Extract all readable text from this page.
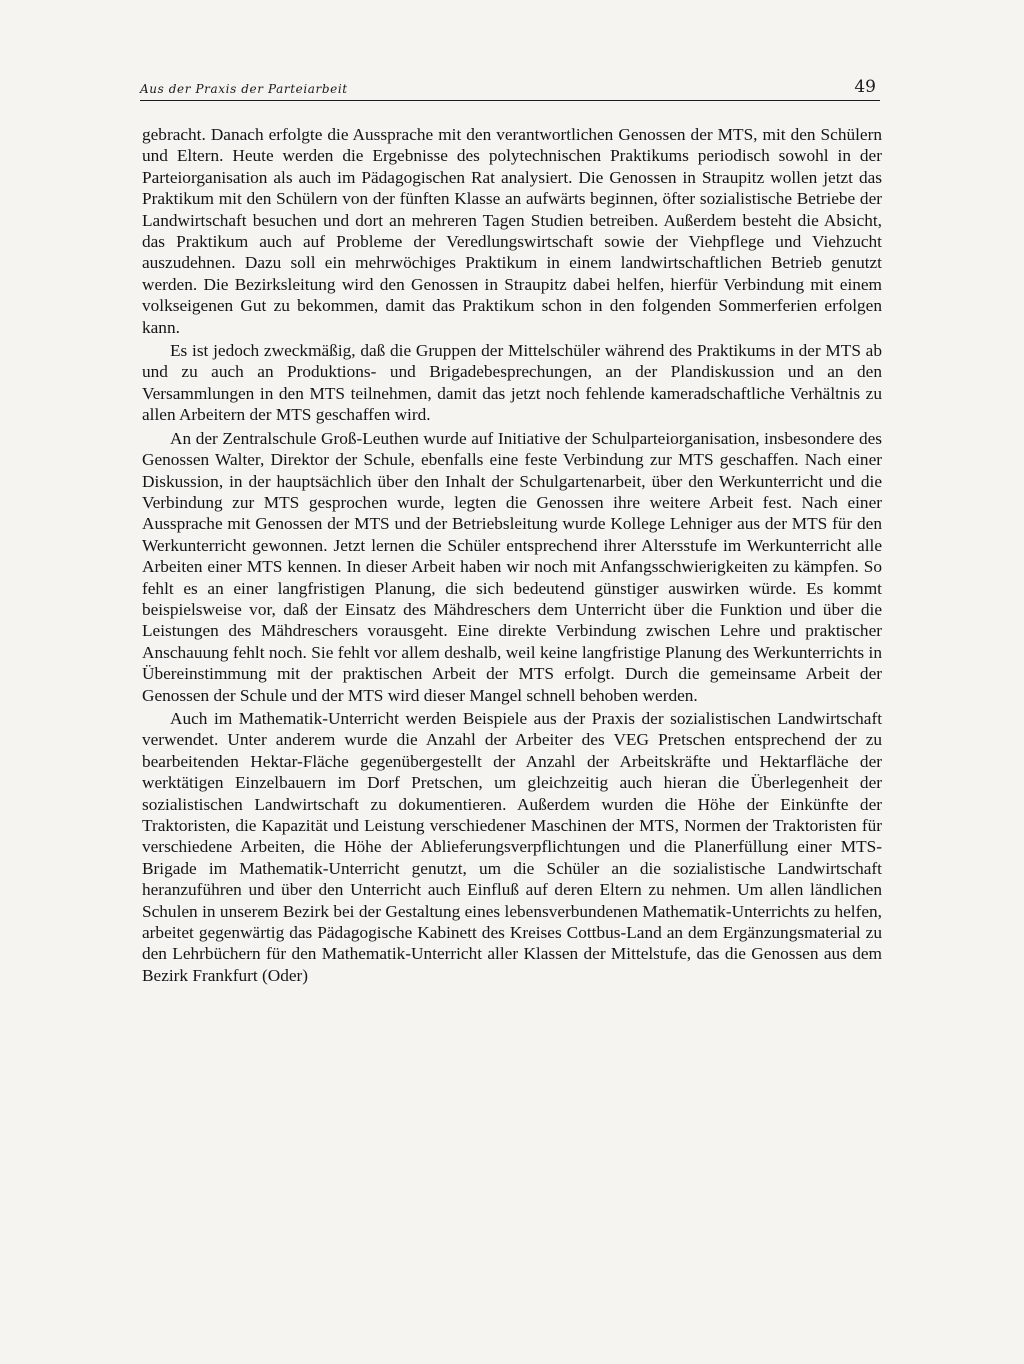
Aus der Praxis der Parteiarbeit	49

gebracht. Danach erfolgte die Aussprache mit den verantwortlichen Genossen der MTS, mit den Schülern und Eltern. Heute werden die Ergebnisse des polytechnischen Praktikums periodisch sowohl in der Parteiorganisation als auch im Pädagogischen Rat analysiert. Die Genossen in Straupitz wollen jetzt das Praktikum mit den Schülern von der fünften Klasse an aufwärts beginnen, öfter sozialistische Betriebe der Landwirtschaft besuchen und dort an mehreren Tagen Studien betreiben. Außerdem besteht die Absicht, das Praktikum auch auf Probleme der Veredlungswirtschaft sowie der Viehpflege und Viehzucht auszudehnen. Dazu soll ein mehrwöchiges Praktikum in einem landwirtschaftlichen Betrieb genutzt werden. Die Bezirksleitung wird den Genossen in Straupitz dabei helfen, hierfür Verbindung mit einem volkseigenen Gut zu bekommen, damit das Praktikum schon in den folgenden Sommerferien erfolgen kann.

Es ist jedoch zweckmäßig, daß die Gruppen der Mittelschüler während des Praktikums in der MTS ab und zu auch an Produktions- und Brigadebesprechungen, an der Plandiskussion und an den Versammlungen in den MTS teilnehmen, damit das jetzt noch fehlende kameradschaftliche Verhältnis zu allen Arbeitern der MTS geschaffen wird.

An der Zentralschule Groß-Leuthen wurde auf Initiative der Schulparteiorganisation, insbesondere des Genossen Walter, Direktor der Schule, ebenfalls eine feste Verbindung zur MTS geschaffen. Nach einer Diskussion, in der hauptsächlich über den Inhalt der Schulgartenarbeit, über den Werkunterricht und die Verbindung zur MTS gesprochen wurde, legten die Genossen ihre weitere Arbeit fest. Nach einer Aussprache mit Genossen der MTS und der Betriebsleitung wurde Kollege Lehniger aus der MTS für den Werkunterricht gewonnen. Jetzt lernen die Schüler entsprechend ihrer Altersstufe im Werkunterricht alle Arbeiten einer MTS kennen. In dieser Arbeit haben wir noch mit Anfangsschwierigkeiten zu kämpfen. So fehlt es an einer langfristigen Planung, die sich bedeutend günstiger auswirken würde. Es kommt beispielsweise vor, daß der Einsatz des Mähdreschers dem Unterricht über die Funktion und über die Leistungen des Mähdreschers vorausgeht. Eine direkte Verbindung zwischen Lehre und praktischer Anschauung fehlt noch. Sie fehlt vor allem deshalb, weil keine langfristige Planung des Werkunterrichts in Übereinstimmung mit der praktischen Arbeit der MTS erfolgt. Durch die gemeinsame Arbeit der Genossen der Schule und der MTS wird dieser Mangel schnell behoben werden.

Auch im Mathematik-Unterricht werden Beispiele aus der Praxis der sozialistischen Landwirtschaft verwendet. Unter anderem wurde die Anzahl der Arbeiter des VEG Pretschen entsprechend der zu bearbeitenden Hektar-Fläche gegenübergestellt der Anzahl der Arbeitskräfte und Hektarfläche der werktätigen Einzelbauern im Dorf Pretschen, um gleichzeitig auch hieran die Überlegenheit der sozialistischen Landwirtschaft zu dokumentieren. Außerdem wurden die Höhe der Einkünfte der Traktoristen, die Kapazität und Leistung verschiedener Maschinen der MTS, Normen der Traktoristen für verschiedene Arbeiten, die Höhe der Ablieferungsverpflichtungen und die Planerfüllung einer MTS-Brigade im Mathematik-Unterricht genutzt, um die Schüler an die sozialistische Landwirtschaft heranzuführen und über den Unterricht auch Einfluß auf deren Eltern zu nehmen. Um allen ländlichen Schulen in unserem Bezirk bei der Gestaltung eines lebensverbundenen Mathematik-Unterrichts zu helfen, arbeitet gegenwärtig das Pädagogische Kabinett des Kreises Cottbus-Land an dem Ergänzungsmaterial zu den Lehrbüchern für den Mathematik-Unterricht aller Klassen der Mittelstufe, das die Genossen aus dem Bezirk Frankfurt (Oder)
